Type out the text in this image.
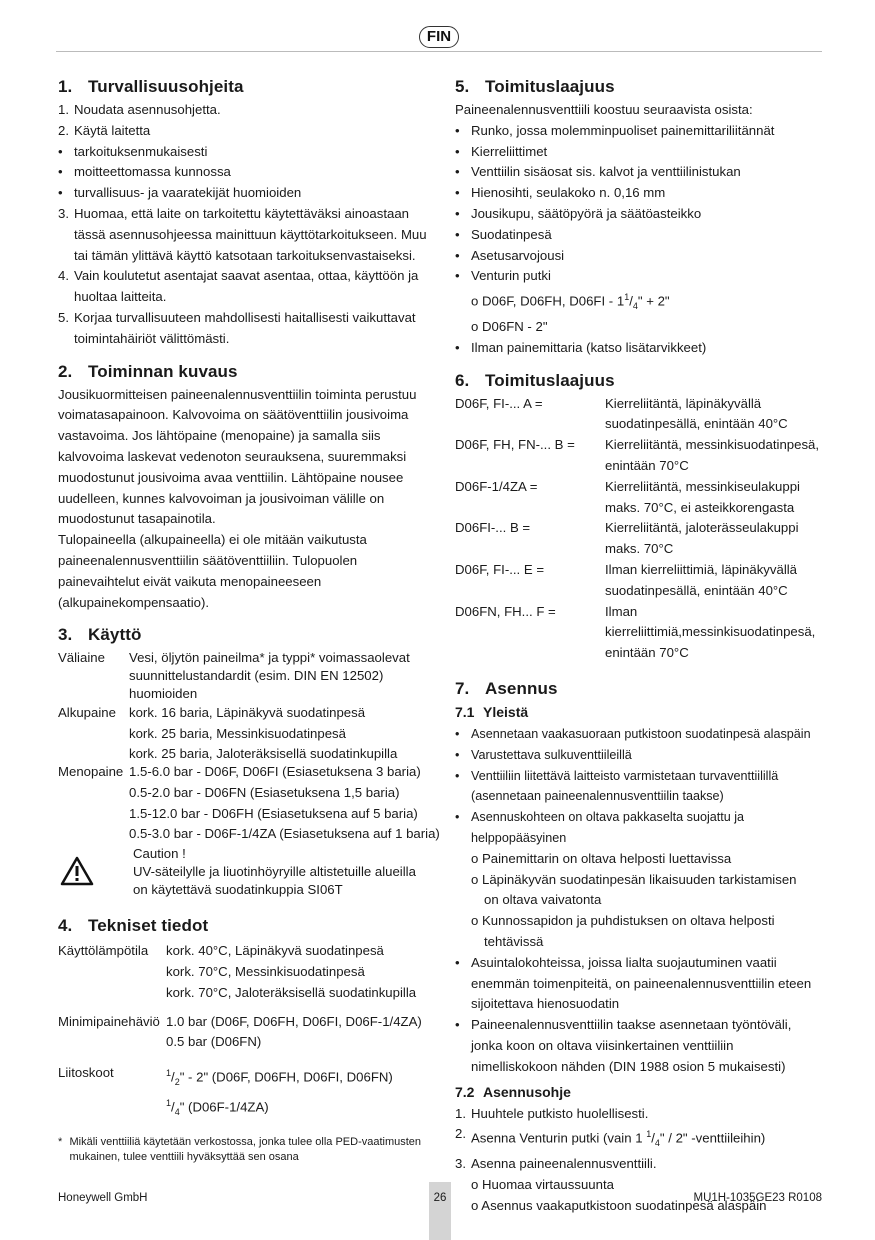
FIN
1. Turvallisuusohjeita
1. Noudata asennusohjetta.
2. Käytä laitetta
• tarkoituksenmukaisesti
• moitteettomassa kunnossa
• turvallisuus- ja vaaratekijät huomioiden
3. Huomaa, että laite on tarkoitettu käytettäväksi ainoastaan tässä asennusohjeessa mainittuun käyttötarkoitukseen. Muu tai tämän ylittävä käyttö katsotaan tarkoituksenvastaiseksi.
4. Vain koulutetut asentajat saavat asentaa, ottaa, käyttöön ja huoltaa laitteita.
5. Korjaa turvallisuuteen mahdollisesti haitallisesti vaikuttavat toimintahäiriöt välittömästi.
2. Toiminnan kuvaus

Jousikuormitteisen paineenalennusventtiilin toiminta perustuu voimatasapainoon. Kalvovoima on säätöventtiilin jousivoima vastavoima. Jos lähtöpaine (menopaine) ja samalla siis kalvovoima laskevat vedenoton seurauksena, suuremmaksi muodostunut jousivoima avaa venttiilin. Lähtöpaine nousee uudelleen, kunnes kalvovoiman ja jousivoiman välille on muodostunut tasapainotila.

Tulopaineella (alkupaineella) ei ole mitään vaikutusta paineenalennusventtiilin säätöventtiiliin. Tulopuolen painevaihtelut eivät vaikuta menopaineeseen (alkupainekompensaatio).

3. Käyttö
Väliaine	Vesi, öljytön paineilma* ja typpi* voimassaolevat suunnittelustandardit (esim. DIN EN 12502) huomioiden
Alkupaine kork. 16 baria, Läpinäkyvä suodatinpesä
kork. 25 baria, Messinkisuodatinpesä
kork. 25 baria, Jaloteräksisellä suodatinkupilla
Menopaine 1.5-6.0 bar - D06F, D06FI (Esiasetuksena 3 baria)
0.5-2.0 bar - D06FN (Esiasetuksena 1,5 baria)
1.5-12.0 bar - D06FH (Esiasetuksena auf 5 baria)
0.5-3.0 bar - D06F-1/4ZA (Esiasetuksena auf 1 baria)
Caution !
UV-säteilylle ja liuotinhöyryille altistetuille alueilla
on käytettävä suodatinkuppia SI06T
4. Tekniset tiedot
Käyttölämpötila	kork. 40°C, Läpinäkyvä suodatinpesä
kork. 70°C, Messinkisuodatinpesä
kork. 70°C, Jaloteräksisellä suodatinkupilla
Minimipainehäviö 1.0 bar (D06F, D06FH, D06FI, D06F-1/4ZA)
0.5 bar (D06FN)
Liitoskoot	$^1/_2$" - 2" (D06F, D06FH, D06FI, D06FN)
$^1/_4$" (D06F-1/4ZA)
* Mikäli venttiiliä käytetään verkostossa, jonka tulee olla PED-vaatimusten mukainen, tulee venttiili hyväksyttää sen osana
5. Toimituslaajuus

Paineenalennusventtiili koostuu seuraavista osista:

• Runko, jossa molemminpuoliset painemittariliitännät
• Kierreliittimet
• Venttiilin sisäosat sis. kalvot ja venttiilinistukan
• Hienosihti, seulakoko n. 0,16 mm
• Jousikupu, säätöpyörä ja säätöasteikko
• Suodatinpesä
• Asetusarvojousi
• Venturin putki
o D06F, D06FH, $D06FI - 1^1/_4$" + 2"
o D06FN - 2"
• Ilman painemittaria (katso lisätarvikkeet)
6. Toimituslaajuus
D06F, FI-... A =	Kierreliitäntä, läpinäkyvällä suodatinpesällä, enintään 40°C
D06F, FH, FN-... B =	Kierreliitäntä, messinkisuodatinpesä, enintään 70°C
D06F-1/4ZA =	Kierreliitäntä, messinkiseulakuppi maks. 70°C, ei asteikkorengasta
D06FI-... B =	Kierreliitäntä, jaloterässeulakuppi maks. 70°C
D06F, FI-... E =	Ilman kierreliittimiä, läpinäkyvällä suodatinpesällä, enintään 40°C
D06FN, FH... F =	Ilman kierreliittimiä,messinkisuodatinpesä, enintään 70°C
7. Asennus
7.1 Yleistä
• Asennetaan vaakasuoraan putkistoon suodatinpesä alaspäin
• Varustettava sulkuventtiileillä
• Venttiiliin liitettävä laitteisto varmistetaan turvaventtiilillä (asennetaan paineenalennusventtiilin taakse)
• Asennuskohteen on oltava pakkaselta suojattu ja helppopääsyinen
o Painemittarin on oltava helposti luettavissa
o Läpinäkyvän suodatinpesän likaisuuden tarkistamisen
on oltava vaivatonta
o Kunnossapidon ja puhdistuksen on oltava helposti
tehtävissä
• Asuintalokohteissa, joissa lialta suojautuminen vaatii enemmän toimenpiteitä, on paineenalennusventtiilin eteen sijoitettava hienosuodatin
• Paineenalennusventtiilin taakse asennetaan työntöväli, jonka koon on oltava viisinkertainen venttiiliin nimelliskokoon nähden (DIN 1988 osion 5 mukaisesti)
7.2 Asennusohje
1. Huuhtele putkisto huolellisesti.
2. Asenna Venturin putki (vain 1 $^1/_4$" / 2" -venttiileihin)
3. Asenna paineenalennusventtiili.
o Huomaa virtaussuunta
o Asennus vaakaputkistoon suodatinpesä alaspäin
Honeywell GmbH	26	MU1H-1035GE23 R0108
